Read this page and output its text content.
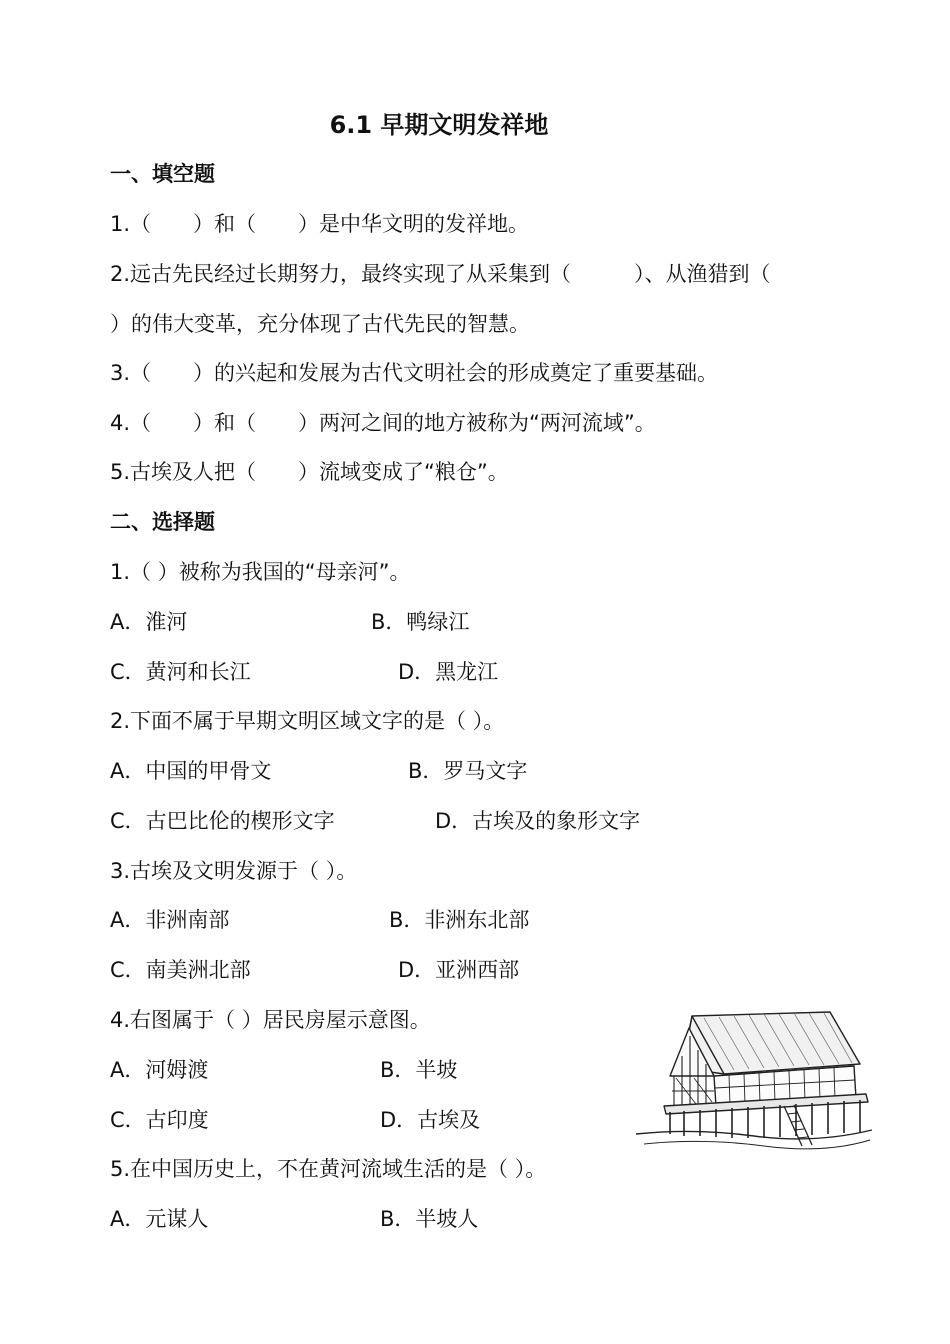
6.1 早期文明发祥地
一、填空题
1.（　　）和（　　）是中华文明的发祥地。
2.远古先民经过长期努力，最终实现了从采集到（　　　）、从渔猎到（
）的伟大变革，充分体现了古代先民的智慧。
3.（　　）的兴起和发展为古代文明社会的形成奠定了重要基础。
4.（　　）和（　　）两河之间的地方被称为“两河流域”。
5.古埃及人把（　　）流域变成了“粮仓”。
二、选择题
1.（ ）被称为我国的“母亲河”。
A．淮河	B．鸭绿江
C．黄河和长江	D．黑龙江
2.下面不属于早期文明区域文字的是（ ）。
A．中国的甲骨文	B．罗马文字
C．古巴比伦的楔形文字	D．古埃及的象形文字
3.古埃及文明发源于（ ）。
A．非洲南部	B．非洲东北部
C．南美洲北部	D．亚洲西部
4.右图属于（ ）居民房屋示意图。
A．河姆渡	B．半坡
C．古印度	D．古埃及
5.在中国历史上，不在黄河流域生活的是（ ）。
A．元谋人	B．半坡人
